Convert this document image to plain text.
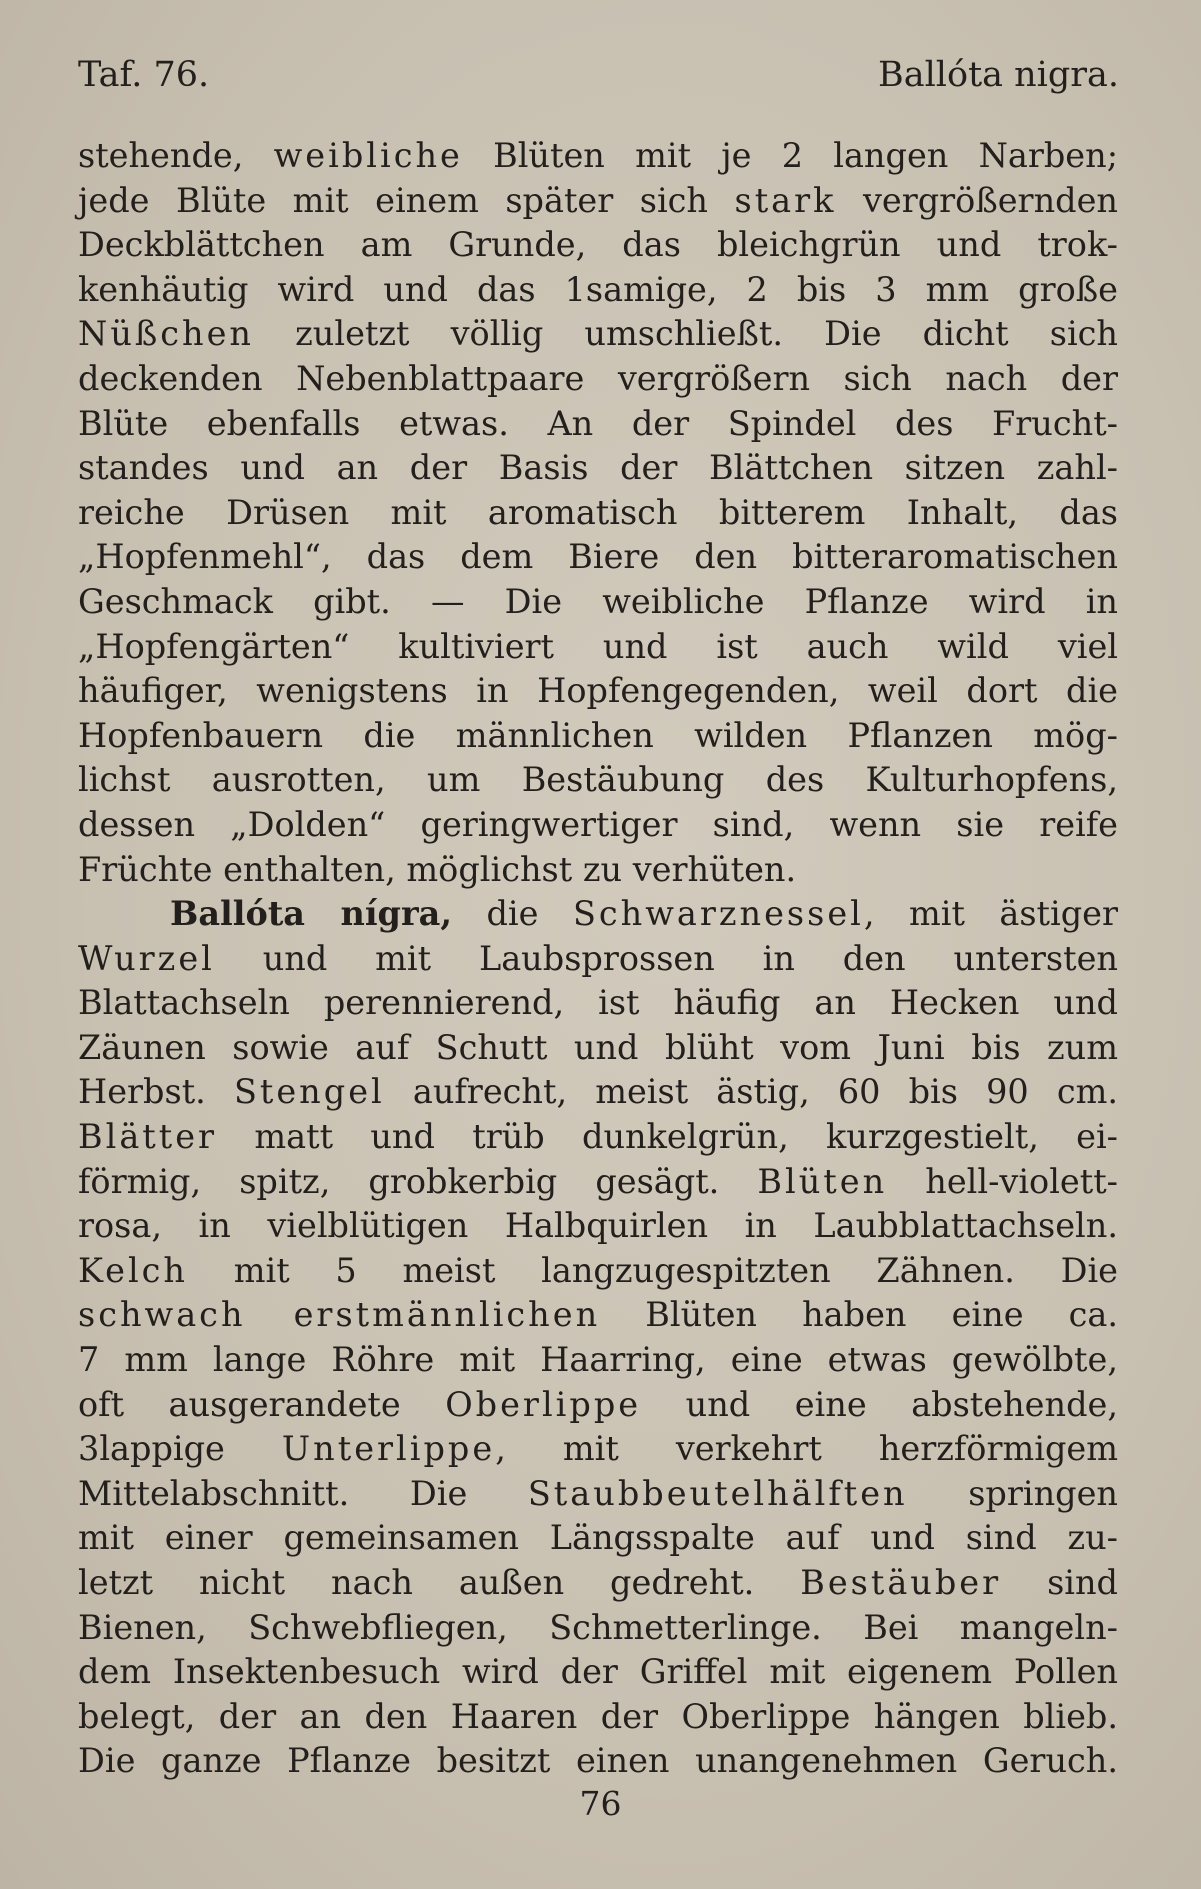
Taf. 76.	Ballóta nigra.
stehende, weibliche Blüten mit je 2 langen Narben;
jede Blüte mit einem später sich stark vergrößernden
Deckblättchen am Grunde, das bleichgrün und trok-
kenhäutig wird und das 1samige, 2 bis 3 mm große
Nüßchen zuletzt völlig umschließt. Die dicht sich
deckenden Nebenblattpaare vergrößern sich nach der
Blüte ebenfalls etwas. An der Spindel des Frucht-
standes und an der Basis der Blättchen sitzen zahl-
reiche Drüsen mit aromatisch bitterem Inhalt, das
„Hopfenmehl“, das dem Biere den bitteraromatischen
Geschmack gibt. — Die weibliche Pflanze wird in
„Hopfengärten“ kultiviert und ist auch wild viel
häufiger, wenigstens in Hopfengegenden, weil dort die
Hopfenbauern die männlichen wilden Pflanzen mög-
lichst ausrotten, um Bestäubung des Kulturhopfens,
dessen „Dolden“ geringwertiger sind, wenn sie reife
Früchte enthalten, möglichst zu verhüten.
Ballóta nígra, die Schwarznessel, mit ästiger
Wurzel und mit Laubsprossen in den untersten
Blattachseln perennierend, ist häufig an Hecken und
Zäunen sowie auf Schutt und blüht vom Juni bis zum
Herbst. Stengel aufrecht, meist ästig, 60 bis 90 cm.
Blätter matt und trüb dunkelgrün, kurzgestielt, ei-
förmig, spitz, grobkerbig gesägt. Blüten hell-violett-
rosa, in vielblütigen Halbquirlen in Laubblattachseln.
Kelch mit 5 meist langzugespitzten Zähnen. Die
schwach erstmännlichen Blüten haben eine ca.
7 mm lange Röhre mit Haarring, eine etwas gewölbte,
oft ausgerandete Oberlippe und eine abstehende,
3lappige Unterlippe, mit verkehrt herzförmigem
Mittelabschnitt. Die Staubbeutelhälften springen
mit einer gemeinsamen Längsspalte auf und sind zu-
letzt nicht nach außen gedreht. Bestäuber sind
Bienen, Schwebfliegen, Schmetterlinge. Bei mangeln-
dem Insektenbesuch wird der Griffel mit eigenem Pollen
belegt, der an den Haaren der Oberlippe hängen blieb.
Die ganze Pflanze besitzt einen unangenehmen Geruch.
76
